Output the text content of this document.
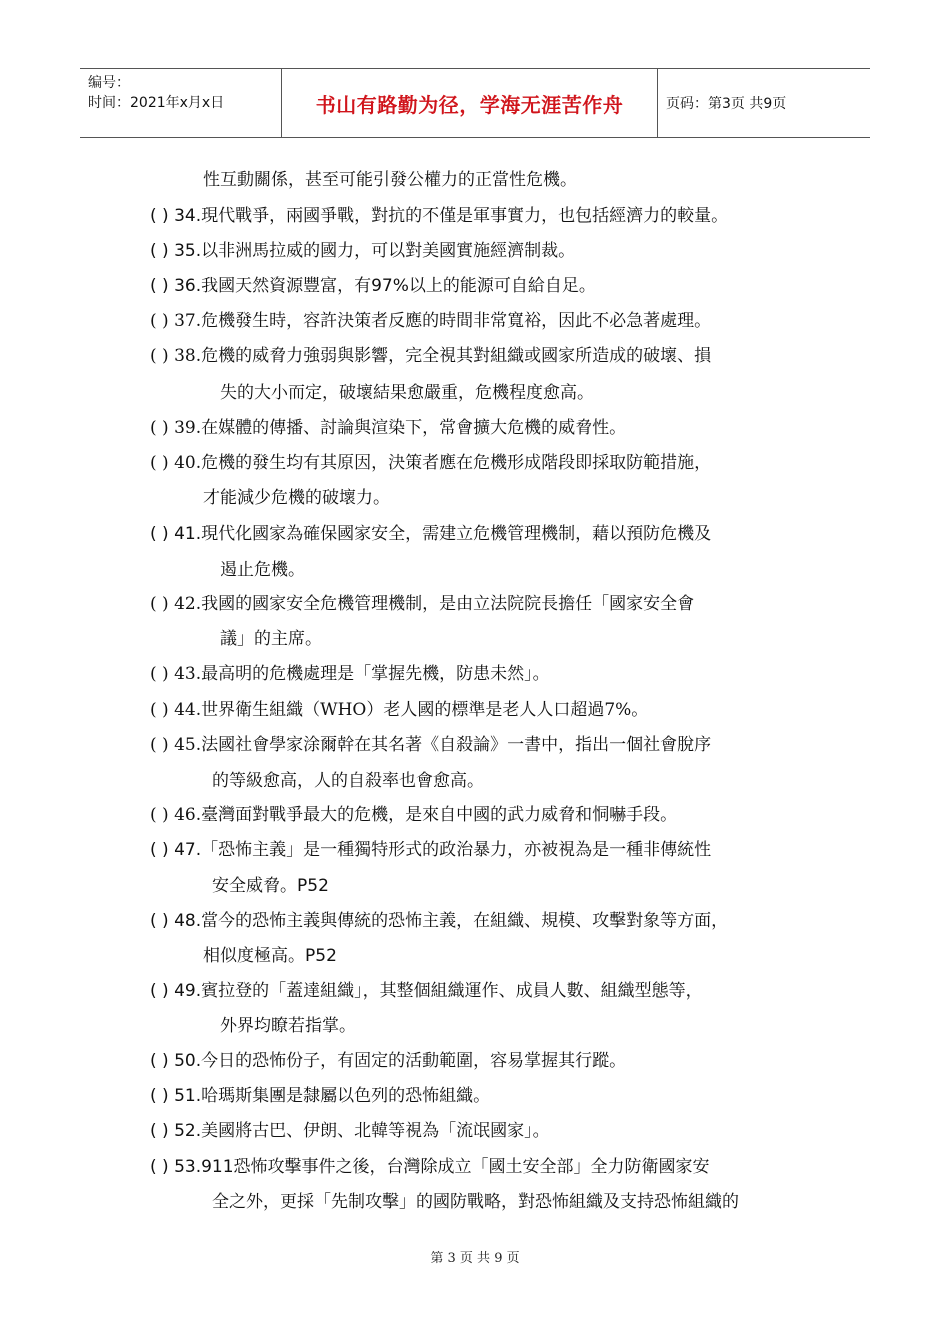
编号：
时间：2021年x月x日	书山有路勤为径，学海无涯苦作舟	页码：第3页 共9页
性互動關係，甚至可能引發公權力的正當性危機。
( ) 34.現代戰爭，兩國爭戰，對抗的不僅是軍事實力，也包括經濟力的較量。
( ) 35.以非洲馬拉威的國力，可以對美國實施經濟制裁。
( ) 36.我國天然資源豐富，有97%以上的能源可自給自足。
( ) 37.危機發生時，容許決策者反應的時間非常寬裕，因此不必急著處理。
( ) 38.危機的威脅力強弱與影響，完全視其對組織或國家所造成的破壞、損
失的大小而定，破壞結果愈嚴重，危機程度愈高。
( ) 39.在媒體的傳播、討論與渲染下，常會擴大危機的威脅性。
( ) 40.危機的發生均有其原因，決策者應在危機形成階段即採取防範措施，
才能減少危機的破壞力。
( ) 41.現代化國家為確保國家安全，需建立危機管理機制，藉以預防危機及
遏止危機。
( ) 42.我國的國家安全危機管理機制，是由立法院院長擔任「國家安全會
議」的主席。
( ) 43.最高明的危機處理是「掌握先機，防患未然」。
( ) 44.世界衛生組織（WHO）老人國的標準是老人人口超過7%。
( ) 45.法國社會學家涂爾幹在其名著《自殺論》一書中，指出一個社會脫序
的等級愈高，人的自殺率也會愈高。
( ) 46.臺灣面對戰爭最大的危機，是來自中國的武力威脅和恫嚇手段。
( ) 47.「恐怖主義」是一種獨特形式的政治暴力，亦被視為是一種非傳統性
安全威脅。P52
( ) 48.當今的恐怖主義與傳統的恐怖主義，在組織、規模、攻擊對象等方面，
相似度極高。P52
( ) 49.賓拉登的「蓋達組織」，其整個組織運作、成員人數、組織型態等，
外界均瞭若指掌。
( ) 50.今日的恐怖份子，有固定的活動範圍，容易掌握其行蹤。
( ) 51.哈瑪斯集團是隸屬以色列的恐怖組織。
( ) 52.美國將古巴、伊朗、北韓等視為「流氓國家」。
( ) 53.911恐怖攻擊事件之後，台灣除成立「國土安全部」全力防衛國家安
全之外，更採「先制攻擊」的國防戰略，對恐怖組織及支持恐怖組織的
第 3 页 共 9 页
